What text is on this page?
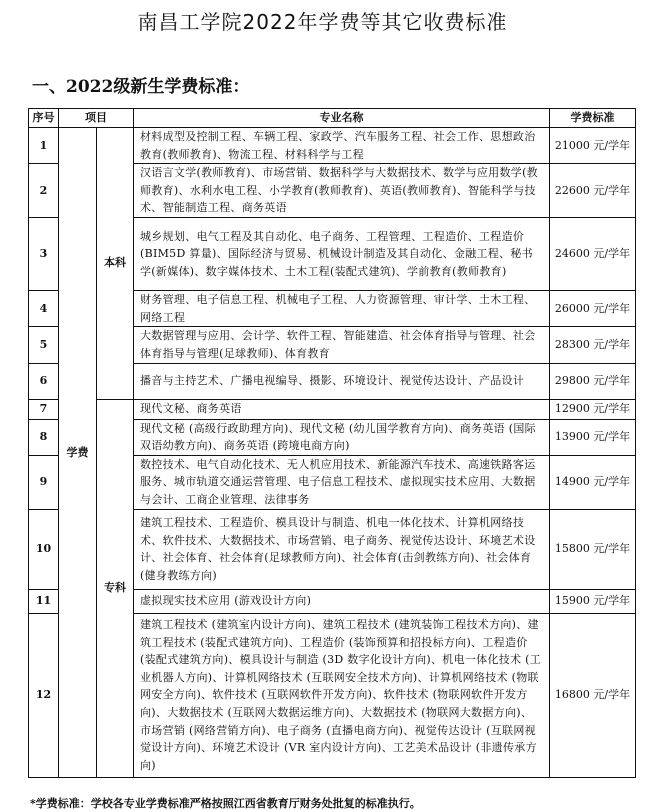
南昌工学院2022年学费等其它收费标准
一、2022级新生学费标准：
序号	项目		专业名称	学费标准
1	学费	本科	材料成型及控制工程、车辆工程、家政学、汽车服务工程、社会工作、思想政治教育(教师教育)、物流工程、材料科学与工程	21000 元/学年
2			汉语言文学(教师教育)、市场营销、数据科学与大数据技术、数学与应用数学(教师教育)、水利水电工程、小学教育(教师教育)、英语(教师教育)、智能科学与技术、智能制造工程、商务英语	22600 元/学年
3			城乡规划、电气工程及其自动化、电子商务、工程管理、工程造价、工程造价(BIM5D 算量)、国际经济与贸易、机械设计制造及其自动化、金融工程、秘书学(新媒体)、数字媒体技术、土木工程(装配式建筑)、学前教育(教师教育)	24600 元/学年
4			财务管理、电子信息工程、机械电子工程、人力资源管理、审计学、土木工程、网络工程	26000 元/学年
5			大数据管理与应用、会计学、软件工程、智能建造、社会体育指导与管理、社会体育指导与管理(足球教师)、体育教育	28300 元/学年
6			播音与主持艺术、广播电视编导、摄影、环境设计、视觉传达设计、产品设计	29800 元/学年
7		专科	现代文秘、商务英语	12900 元/学年
8			现代文秘 (高级行政助理方向)、现代文秘 (幼儿国学教育方向)、商务英语 (国际双语幼教方向)、商务英语 (跨境电商方向)	13900 元/学年
9			数控技术、电气自动化技术、无人机应用技术、新能源汽车技术、高速铁路客运服务、城市轨道交通运营管理、电子信息工程技术、虚拟现实技术应用、大数据与会计、工商企业管理、法律事务	14900 元/学年
10			建筑工程技术、工程造价、模具设计与制造、机电一体化技术、计算机网络技术、软件技术、大数据技术、市场营销、电子商务、视觉传达设计、环境艺术设计、社会体育、社会体育(足球教师方向)、社会体育(击剑教练方向)、社会体育(健身教练方向)	15800 元/学年
11			虚拟现实技术应用 (游戏设计方向)	15900 元/学年
12			建筑工程技术 (建筑室内设计方向)、建筑工程技术 (建筑装饰工程技术方向)、建筑工程技术 (装配式建筑方向)、工程造价 (装饰预算和招投标方向)、工程造价 (装配式建筑方向)、模具设计与制造 (3D 数字化设计方向)、机电一体化技术 (工业机器人方向)、计算机网络技术 (互联网安全技术方向)、计算机网络技术 (物联网安全方向)、软件技术 (互联网软件开发方向)、软件技术 (物联网软件开发方向)、大数据技术 (互联网大数据运维方向)、大数据技术 (物联网大数据方向)、市场营销 (网络营销方向)、电子商务 (直播电商方向)、视觉传达设计 (互联网视觉设计方向)、环境艺术设计 (VR 室内设计方向)、工艺美术品设计 (非遗传承方向)	16800 元/学年
*学费标准：学校各专业学费标准严格按照江西省教育厅财务处批复的标准执行。
